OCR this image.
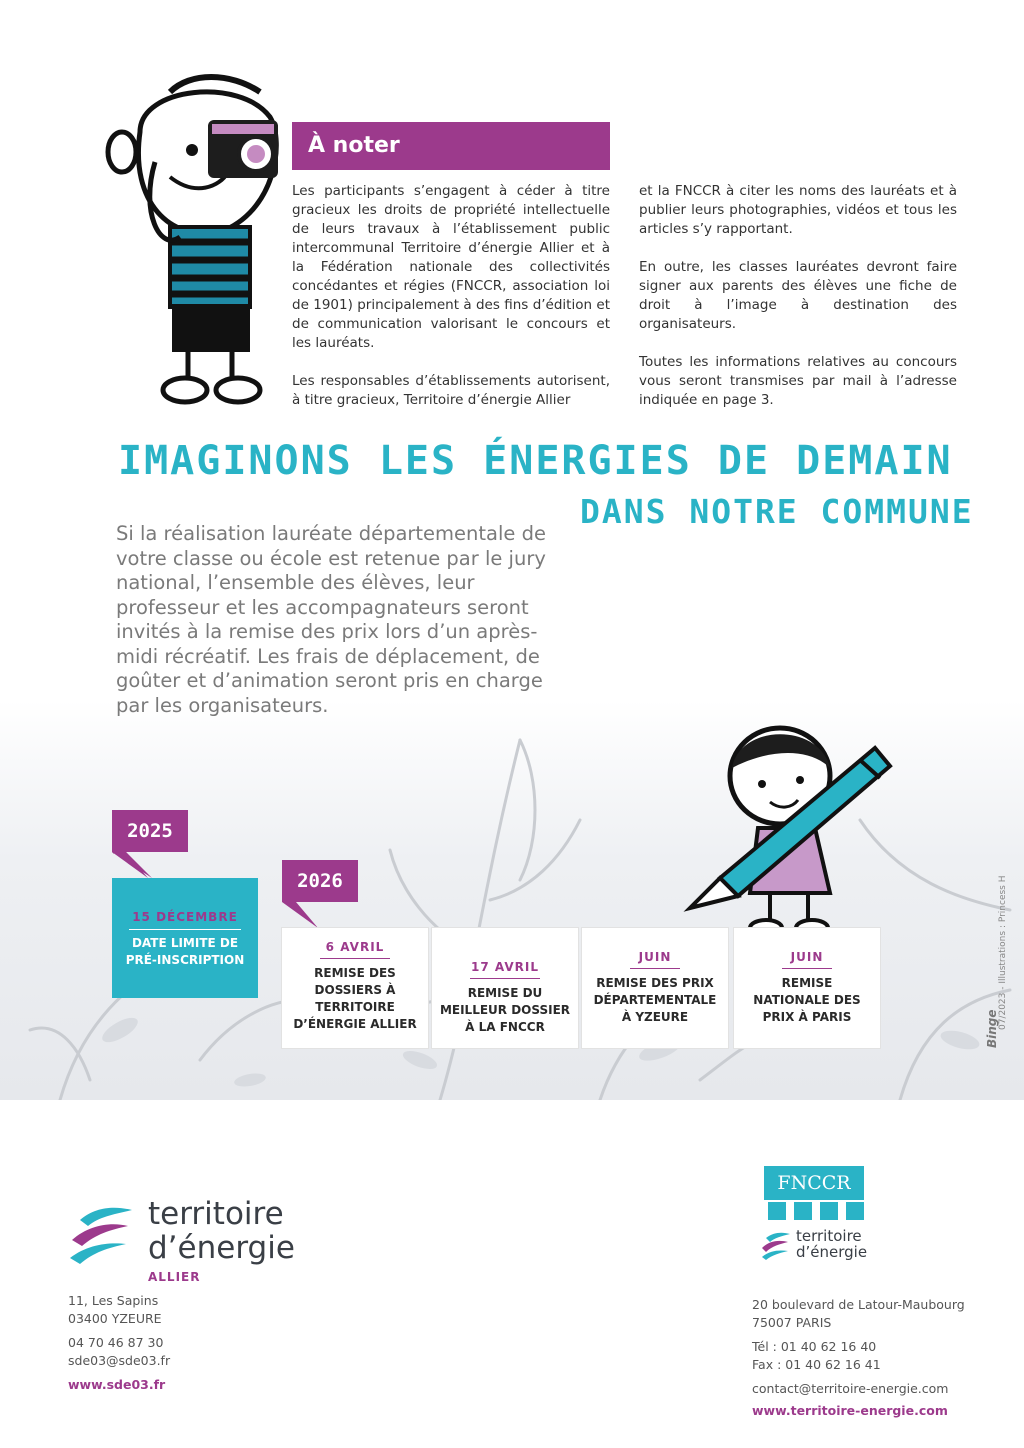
À noter

Les participants s’engagent à céder à titre gracieux les droits de propriété intellectuelle de leurs travaux à l’établissement public intercommunal Territoire d’énergie Allier et à la Fédération nationale des collectivités concédantes et régies (FNCCR, association loi de 1901) principalement à des fins d’édition et de communication valorisant le concours et les lauréats.

Les responsables d’établissements autorisent, à titre gracieux, Territoire d’énergie Allier

et la FNCCR à citer les noms des lauréats et à publier leurs photographies, vidéos et tous les articles s’y rapportant.

En outre, les classes lauréates devront faire signer aux parents des élèves une fiche de droit à l’image à destination des organisateurs.

Toutes les informations relatives au concours vous seront transmises par mail à l’adresse indiquée en page 3.

IMAGINONS LES ÉNERGIES DE DEMAIN
DANS NOTRE COMMUNE
Si la réalisation lauréate départementale de votre classe ou école est retenue par le jury national, l’ensemble des élèves, leur professeur et les accompagnateurs seront invités à la remise des prix lors d’un après-midi récréatif. Les frais de déplacement, de goûter et d’animation seront pris en charge par les organisateurs.
2025
15 DÉCEMBRE
DATE LIMITE DE PRÉ-INSCRIPTION
2026
6 AVRIL
REMISE DES DOSSIERS À TERRITOIRE D’ÉNERGIE ALLIER
17 AVRIL
REMISE DU MEILLEUR DOSSIER À LA FNCCR
JUIN
REMISE DES PRIX DÉPARTEMENTALE À YZEURE
JUIN
REMISE NATIONALE DES PRIX À PARIS	07/2023 - Illustrations : Princess H
Binge
territoire
d’énergie
ALLIER
11, Les Sapins
03400 YZEURE
04 70 46 87 30
sde03@sde03.fr
www.sde03.fr
FNCCR
territoire
d’énergie
20 boulevard de Latour-Maubourg
75007 PARIS
Tél : 01 40 62 16 40
Fax : 01 40 62 16 41
contact@territoire-energie.com
www.territoire-energie.com
